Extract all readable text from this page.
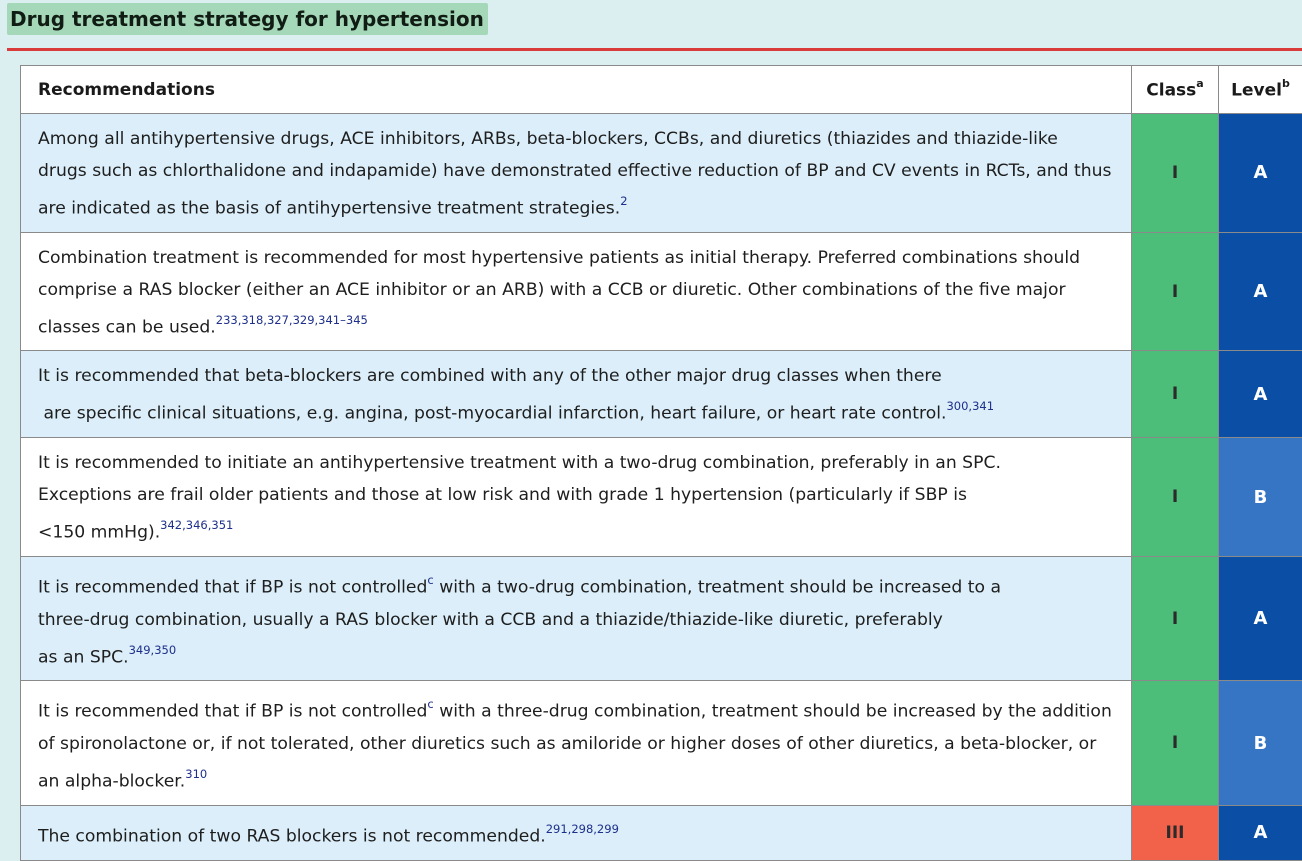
Drug treatment strategy for hypertension
Recommendations	Class$^a$	Level$^b$
Among all antihypertensive drugs, ACE inhibitors, ARBs, beta-blockers, CCBs, and diuretics (thiazides and thiazide-like
drugs such as chlorthalidone and indapamide) have demonstrated effective reduction of BP and CV events in RCTs, and thus
are indicated as the basis of antihypertensive treatment strategies.$^2$	I	A
Combination treatment is recommended for most hypertensive patients as initial therapy. Preferred combinations should
comprise a RAS blocker (either an ACE inhibitor or an ARB) with a CCB or diuretic. Other combinations of the five major
classes can be used.$^{233,318,327,329,341-345}$	I	A
It is recommended that beta-blockers are combined with any of the other major drug classes when there
are specific clinical situations, e.g. angina, post-myocardial infarction, heart failure, or heart rate control.$^{300,341}$	I	A
It is recommended to initiate an antihypertensive treatment with a two-drug combination, preferably in an SPC.
Exceptions are frail older patients and those at low risk and with grade 1 hypertension (particularly if SBP is
<150 mmHg).$^{342,346,351}$	I	B
It is recommended that if BP is not controlled$^c$ with a two-drug combination, treatment should be increased to a
three-drug combination, usually a RAS blocker with a CCB and a thiazide/thiazide-like diuretic, preferably
as an SPC.$^{349,350}$	I	A
It is recommended that if BP is not controlled$^c$ with a three-drug combination, treatment should be increased by the addition
of spironolactone or, if not tolerated, other diuretics such as amiloride or higher doses of other diuretics, a beta-blocker, or
an alpha-blocker.$^{310}$	I	B
The combination of two RAS blockers is not recommended.$^{291,298,299}$	III	A
